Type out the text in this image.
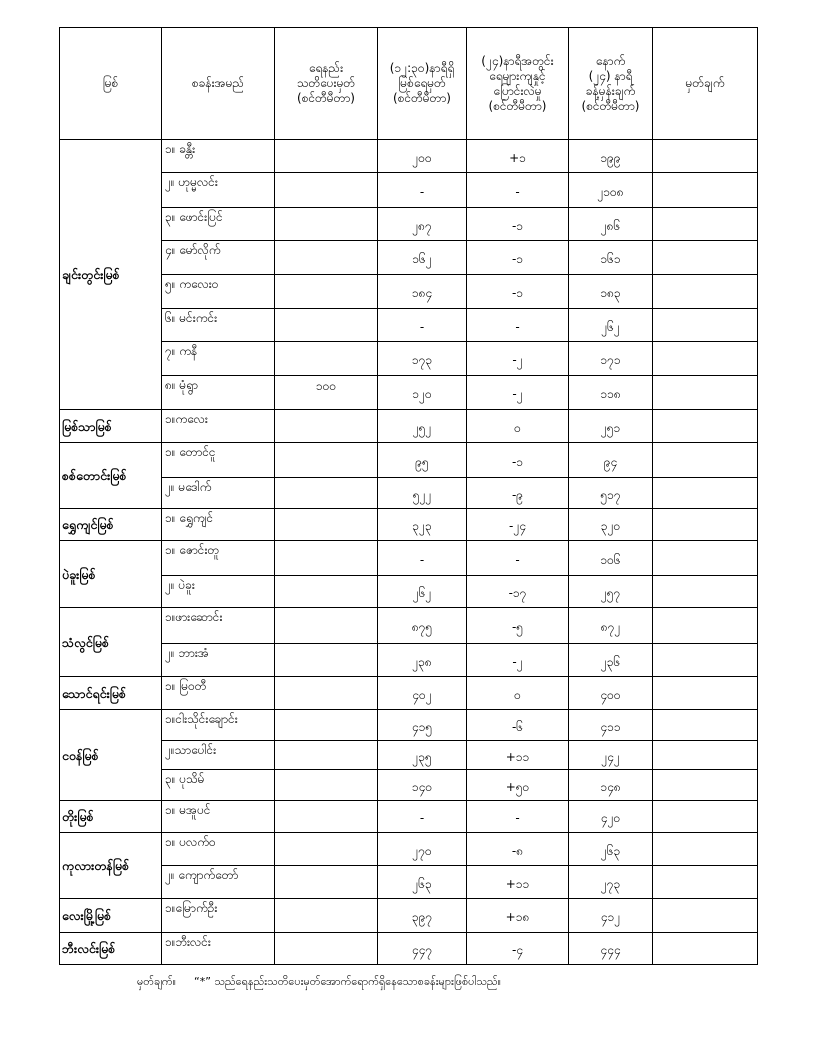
မြစ်	စခန်းအမည်	ရေနည်း
သတိပေးမှတ်
(စင်တီမီတာ)	(၁၂:၃၀)နာရီရှိ
မြစ်ရေမှတ်
(စင်တီမီတာ)	(၂၄)နာရီအတွင်း
ရေများကျနှုင့်
ပြောင်းလဲမှု
(စင်တီမီတာ)	နောက်
(၂၄) နာရီ
ခန့်မှန်းချက်
(စင်တီမီတာ)	မှတ်ချက်
ချင်းတွင်းမြစ်	၁။ ခန္တီး		၂၀၀	+၁	၁၉၉	
	၂။ ဟုမ္မလင်း		-	-	၂၁၀၈	
	၃။ ဖောင်းပြင်		၂၈၇	-၁	၂၈၆	
	၄။ မော်လိုက်		၁၆၂	-၁	၁၆၁	
	၅။ ကလေးဝ		၁၈၄	-၁	၁၈၃	
	၆။ မင်းကင်း		-	-	၂၆၂	
	၇။ ကနီ		၁၇၃	-၂	၁၇၁	
	၈။ မုံရွာ	၁၀၀	၁၂၀	-၂	၁၁၈	
မြစ်သာမြစ်	၁။ကလေး		၂၅၂	၀	၂၅၁	
စစ်တောင်းမြစ်	၁။ တောင်ငူ		၉၅	-၁	၉၄	
	၂။ မဒေါက်		၅၂၂	-၉	၅၁၇	
ရွှေကျင်မြစ်	၁။ ရွှေကျင်		၃၂၃	-၂၄	၃၂၀	
ပဲခူးမြစ်	၁။ ဇောင်းတူ		-	-	၁၀၆	
	၂။ ပဲခူး		၂၆၂	-၁၇	၂၅၇	
သံလွင်မြစ်	၁။ဖားဆောင်း		၈၇၅	-၅	၈၇၂	
	၂။ ဘားအံ		၂၃၈	-၂	၂၃၆	
သောင်ရင်းမြစ်	၁။ မြဝတီ		၄၀၂	၀	၄၀၀	
ငဝန်မြစ်	၁။ငါးသိုင်းချောင်း		၄၁၅	-၆	၄၁၁	
	၂။သာပေါင်း		၂၃၅	+၁၁	၂၄၂	
	၃။ ပုသိမ်		၁၄၀	+၅၀	၁၄၈	
တိုးမြစ်	၁။ မအူပင်		-	-	၄၂၀	
ကုလားတန်မြစ်	၁။ ပလက်ဝ		၂၇၀	-၈	၂၆၃	
	၂။ ကျောက်တော်		၂၆၃	+၁၁	၂၇၃	
လေးမြို့မြစ်	၁။မြောက်ဦး		၃၉၇	+၁၈	၄၁၂	
ဘီးလင်းမြစ်	၁။ဘီးလင်း		၄၄၇	-၄	၄၄၄	
မှတ်ချက်။ “*” သည်ရေနည်းသတိပေးမှတ်အောက်ရောက်ရှိနေသောစခန်းများဖြစ်ပါသည်။
